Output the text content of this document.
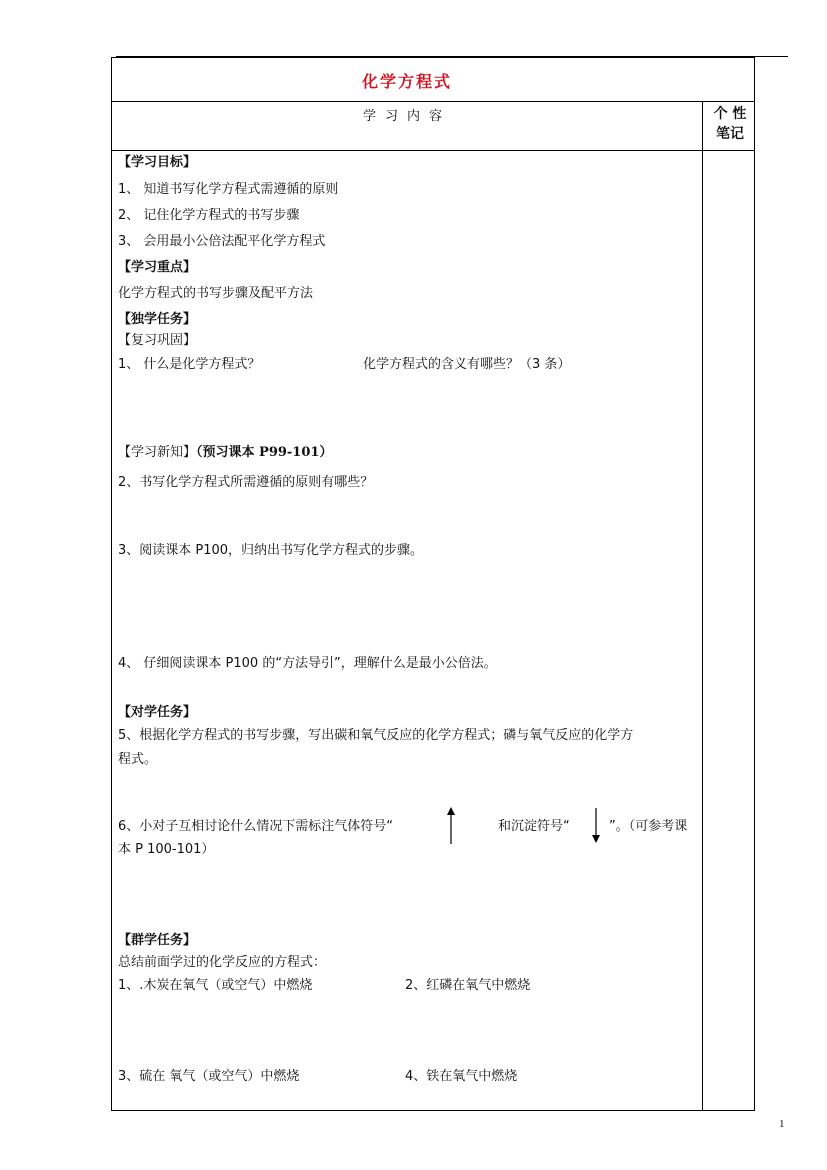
化学方程式
学习内容	个 性
笔记
【学习目标】
1、 知道书写化学方程式需遵循的原则
2、 记住化学方程式的书写步骤
3、 会用最小公倍法配平化学方程式
【学习重点】
化学方程式的书写步骤及配平方法
【独学任务】
【复习巩固】
1、 什么是化学方程式？	化学方程式的含义有哪些？（3 条）
【学习新知】（预习课本 P99-101）
2、书写化学方程式所需遵循的原则有哪些？
3、阅读课本 P100，归纳出书写化学方程式的步骤。
4、 仔细阅读课本 P100 的“方法导引”，理解什么是最小公倍法。
【对学任务】
5、根据化学方程式的书写步骤，写出碳和氧气反应的化学方程式；磷与氧气反应的化学方
程式。
6、小对子互相讨论什么情况下需标注气体符号“	和沉淀符号“	”。（可参考课
本 P 100-101）
【群学任务】
总结前面学过的化学反应的方程式：
1、.木炭在氧气（或空气）中燃烧	2、红磷在氧气中燃烧
3、硫在 氧气（或空气）中燃烧	4、铁在氧气中燃烧
1
